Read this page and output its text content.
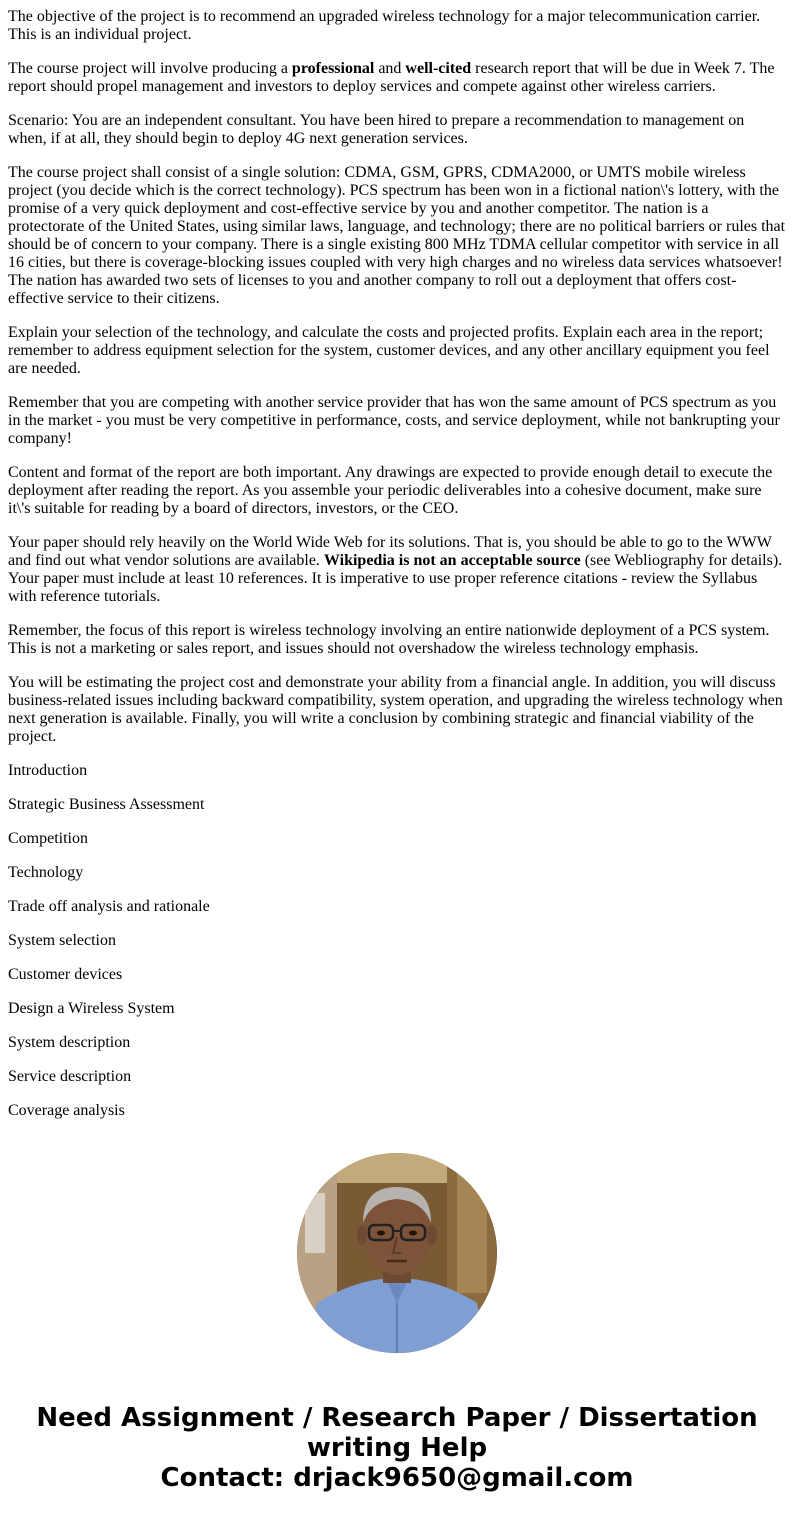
The objective of the project is to recommend an upgraded wireless technology for a major telecommunication carrier. This is an individual project.

The course project will involve producing a professional and well-cited research report that will be due in Week 7. The report should propel management and investors to deploy services and compete against other wireless carriers.

Scenario: You are an independent consultant. You have been hired to prepare a recommendation to management on when, if at all, they should begin to deploy 4G next generation services.

The course project shall consist of a single solution: CDMA, GSM, GPRS, CDMA2000, or UMTS mobile wireless project (you decide which is the correct technology). PCS spectrum has been won in a fictional nation\'s lottery, with the promise of a very quick deployment and cost-effective service by you and another competitor. The nation is a protectorate of the United States, using similar laws, language, and technology; there are no political barriers or rules that should be of concern to your company. There is a single existing 800 MHz TDMA cellular competitor with service in all 16 cities, but there is coverage-blocking issues coupled with very high charges and no wireless data services whatsoever! The nation has awarded two sets of licenses to you and another company to roll out a deployment that offers cost-effective service to their citizens.

Explain your selection of the technology, and calculate the costs and projected profits. Explain each area in the report; remember to address equipment selection for the system, customer devices, and any other ancillary equipment you feel are needed.

Remember that you are competing with another service provider that has won the same amount of PCS spectrum as you in the market - you must be very competitive in performance, costs, and service deployment, while not bankrupting your company!

Content and format of the report are both important. Any drawings are expected to provide enough detail to execute the deployment after reading the report. As you assemble your periodic deliverables into a cohesive document, make sure it\'s suitable for reading by a board of directors, investors, or the CEO.

Your paper should rely heavily on the World Wide Web for its solutions. That is, you should be able to go to the WWW and find out what vendor solutions are available. Wikipedia is not an acceptable source (see Webliography for details). Your paper must include at least 10 references. It is imperative to use proper reference citations - review the Syllabus with reference tutorials.

Remember, the focus of this report is wireless technology involving an entire nationwide deployment of a PCS system. This is not a marketing or sales report, and issues should not overshadow the wireless technology emphasis.

You will be estimating the project cost and demonstrate your ability from a financial angle. In addition, you will discuss business-related issues including backward compatibility, system operation, and upgrading the wireless technology when next generation is available. Finally, you will write a conclusion by combining strategic and financial viability of the project.

Introduction

Strategic Business Assessment

Competition

Technology

Trade off analysis and rationale

System selection

Customer devices

Design a Wireless System

System description

Service description

Coverage analysis

Need Assignment / Research Paper / Dissertation writing Help
Contact: drjack9650@gmail.com
